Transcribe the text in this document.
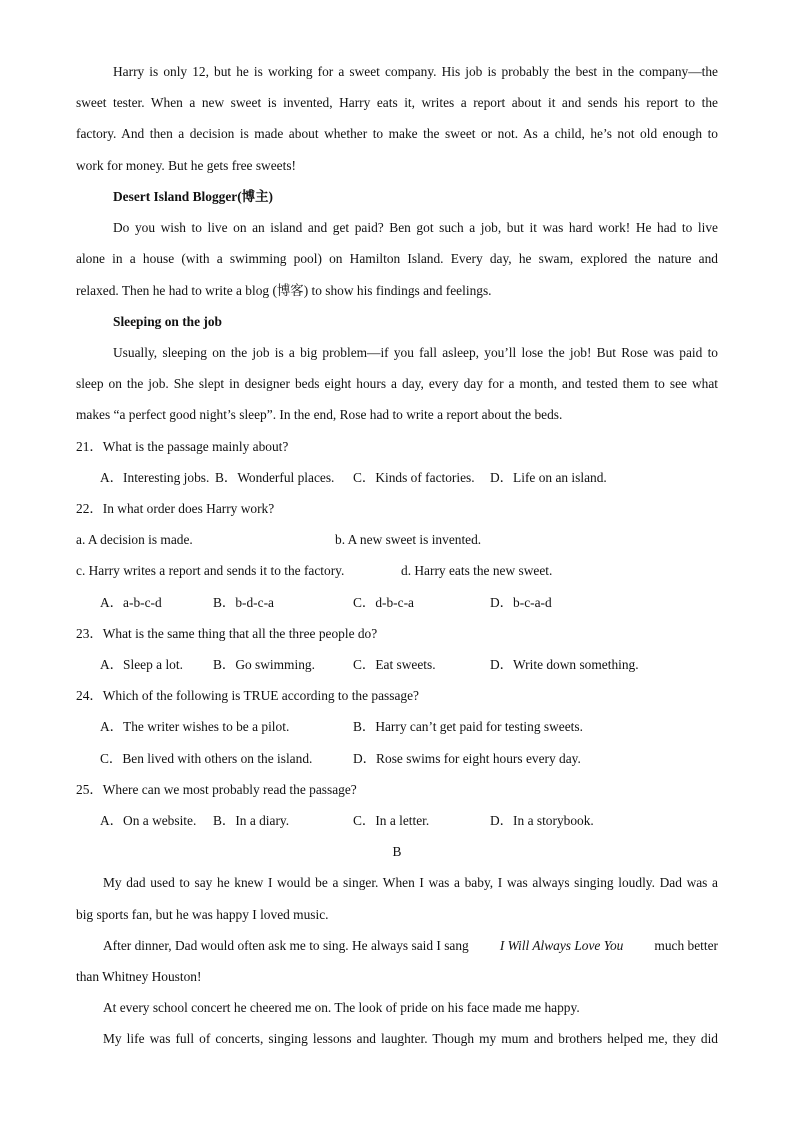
Harry is only 12, but he is working for a sweet company. His job is probably the best in the company—the
sweet tester. When a new sweet is invented, Harry eats it, writes a report about it and sends his report to the
factory. And then a decision is made about whether to make the sweet or not. As a child, he’s not old enough to
work for money. But he gets free sweets!
Desert Island Blogger(博主)
Do you wish to live on an island and get paid? Ben got such a job, but it was hard work! He had to live
alone in a house (with a swimming pool) on Hamilton Island. Every day, he swam, explored the nature and
relaxed. Then he had to write a blog (博客) to show his findings and feelings.
Sleeping on the job
Usually, sleeping on the job is a big problem—if you fall asleep, you’ll lose the job! But Rose was paid to
sleep on the job. She slept in designer beds eight hours a day, every day for a month, and tested them to see what
makes “a perfect good night’s sleep”. In the end, Rose had to write a report about the beds.
21．What is the passage mainly about?
A．Interesting jobs. B．Wonderful places. C．Kinds of factories. D．Life on an island.
22．In what order does Harry work?
a. A decision is made.	b. A new sweet is invented.
c. Harry writes a report and sends it to the factory.	d. Harry eats the new sweet.
A．a-b-c-d	B．b-d-c-a	C．d-b-c-a	D．b-c-a-d
23．What is the same thing that all the three people do?
A．Sleep a lot. B．Go swimming.	C．Eat sweets.	D．Write down something.
24．Which of the following is TRUE according to the passage?
A．The writer wishes to be a pilot.	B．Harry can’t get paid for testing sweets.
C．Ben lived with others on the island.	D．Rose swims for eight hours every day.
25．Where can we most probably read the passage?
A．On a website. B．In a diary.	C．In a letter.	D．In a storybook.
B
My dad used to say he knew I would be a singer. When I was a baby, I was always singing loudly. Dad was a
big sports fan, but he was happy I loved music.
After dinner, Dad would often ask me to sing. He always said I sang I Will Always Love You much better
than Whitney Houston!
At every school concert he cheered me on. The look of pride on his face made me happy.
My life was full of concerts, singing lessons and laughter. Though my mum and brothers helped me, they did
